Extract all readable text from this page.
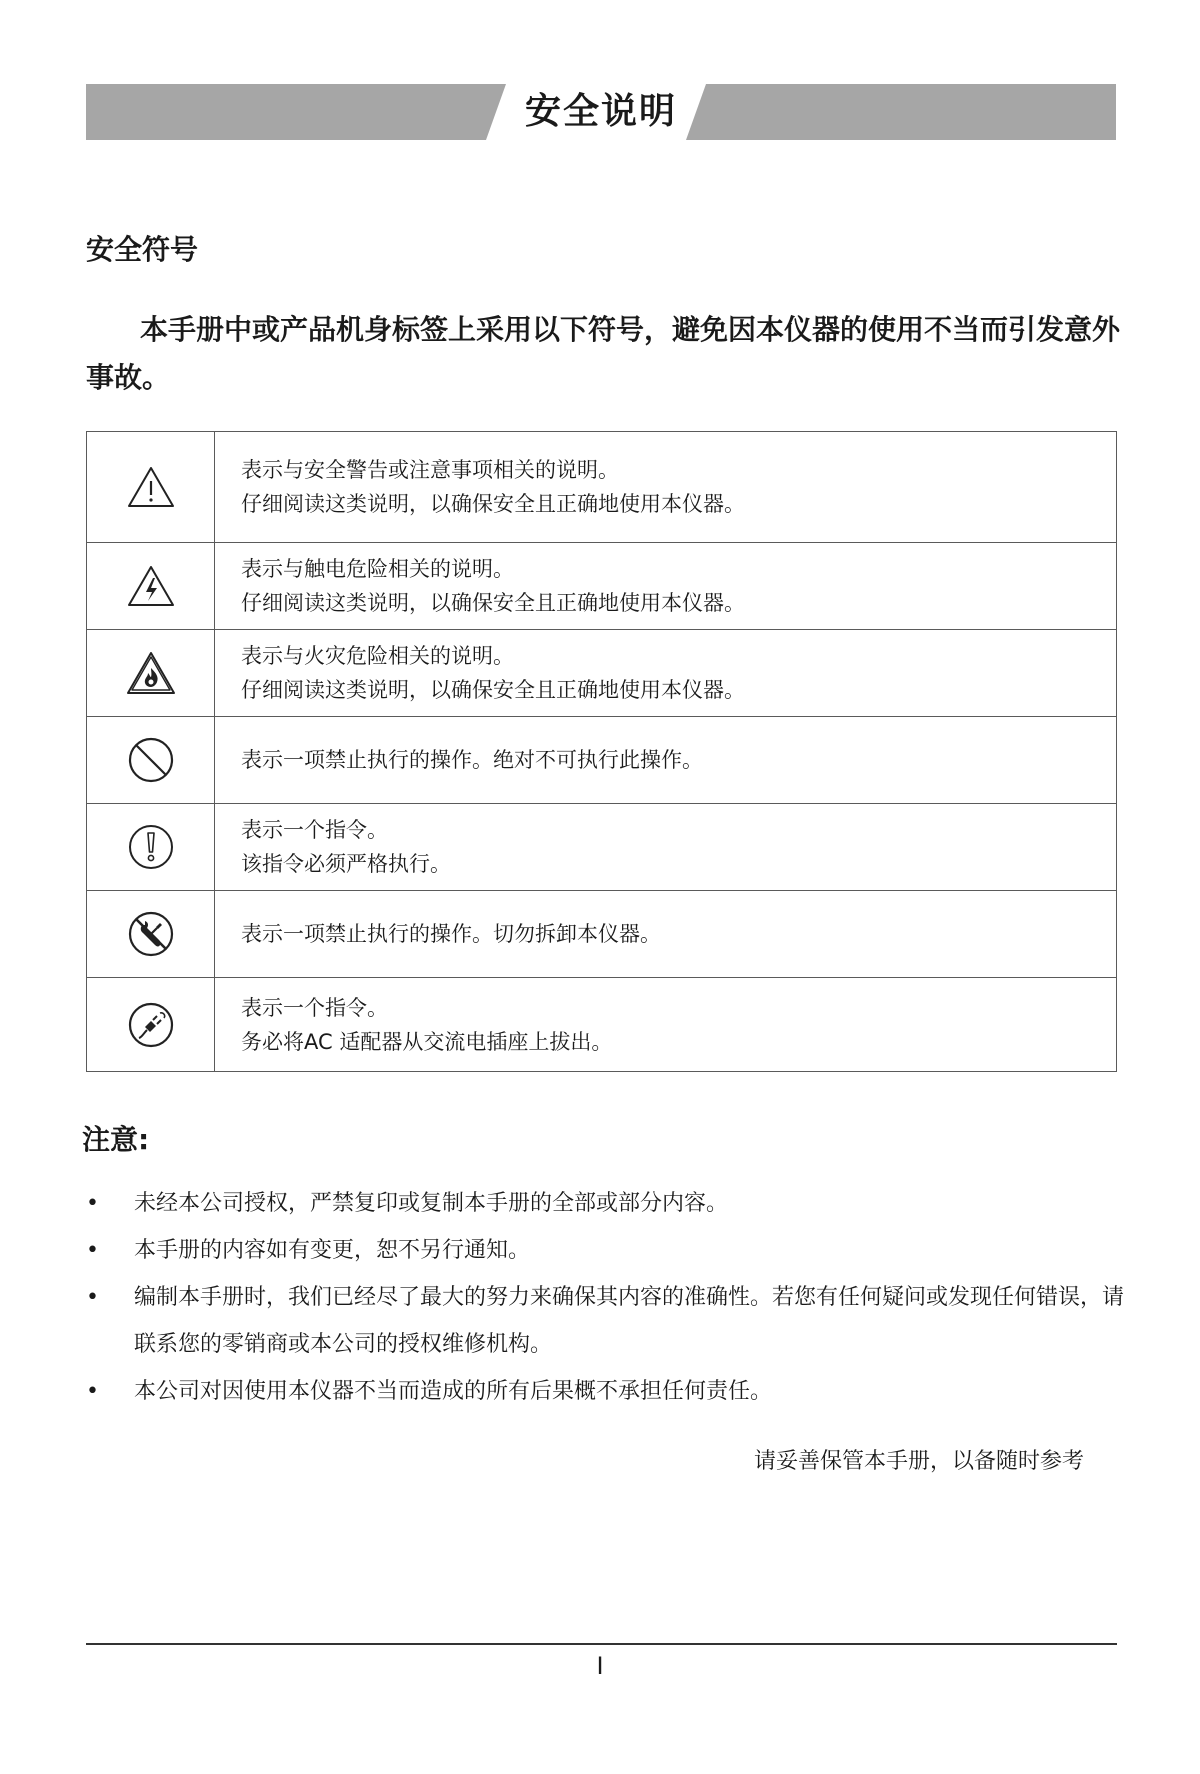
安全说明
安全符号
本手册中或产品机身标签上采用以下符号，避免因本仪器的使用不当而引发意外事故。

表示与安全警告或注意事项相关的说明。
仔细阅读这类说明，以确保安全且正确地使用本仪器。

表示与触电危险相关的说明。
仔细阅读这类说明，以确保安全且正确地使用本仪器。

表示与火灾危险相关的说明。
仔细阅读这类说明，以确保安全且正确地使用本仪器。

表示一项禁止执行的操作。绝对不可执行此操作。

表示一个指令。
该指令必须严格执行。

表示一项禁止执行的操作。切勿拆卸本仪器。

表示一个指令。
务必将AC 适配器从交流电插座上拔出。
注意:
• 未经本公司授权，严禁复印或复制本手册的全部或部分内容。
• 本手册的内容如有变更，恕不另行通知。
• 编制本手册时，我们已经尽了最大的努力来确保其内容的准确性。若您有任何疑问或发现任何错误，请联系您的零销商或本公司的授权维修机构。
• 本公司对因使用本仪器不当而造成的所有后果概不承担任何责任。
请妥善保管本手册，以备随时参考
I
